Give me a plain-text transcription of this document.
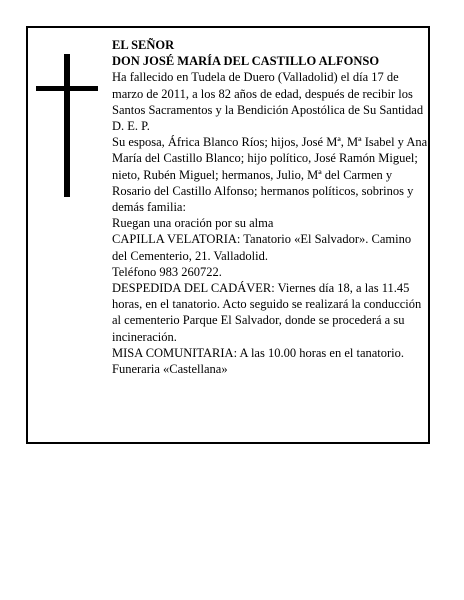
EL SEÑOR

DON JOSÉ MARÍA DEL CASTILLO ALFONSO

Ha fallecido en Tudela de Duero (Valladolid) el día 17 de marzo de 2011, a los 82 años de edad, después de recibir los Santos Sacramentos y la Bendición Apostólica de Su Santidad

D. E. P.

Su esposa, África Blanco Ríos; hijos, José Mª, Mª Isabel y Ana María del Castillo Blanco; hijo político, José Ramón Miguel; nieto, Rubén Miguel; hermanos, Julio, Mª del Carmen y Rosario del Castillo Alfonso; hermanos políticos, sobrinos y demás familia:

Ruegan una oración por su alma

CAPILLA VELATORIA: Tanatorio «El Salvador». Camino del Cementerio, 21. Valladolid.

Teléfono 983 260722.

DESPEDIDA DEL CADÁVER: Viernes día 18, a las 11.45 horas, en el tanatorio. Acto seguido se realizará la conducción al cementerio Parque El Salvador, donde se procederá a su incineración.

MISA COMUNITARIA: A las 10.00 horas en el tanatorio.

Funeraria «Castellana»
